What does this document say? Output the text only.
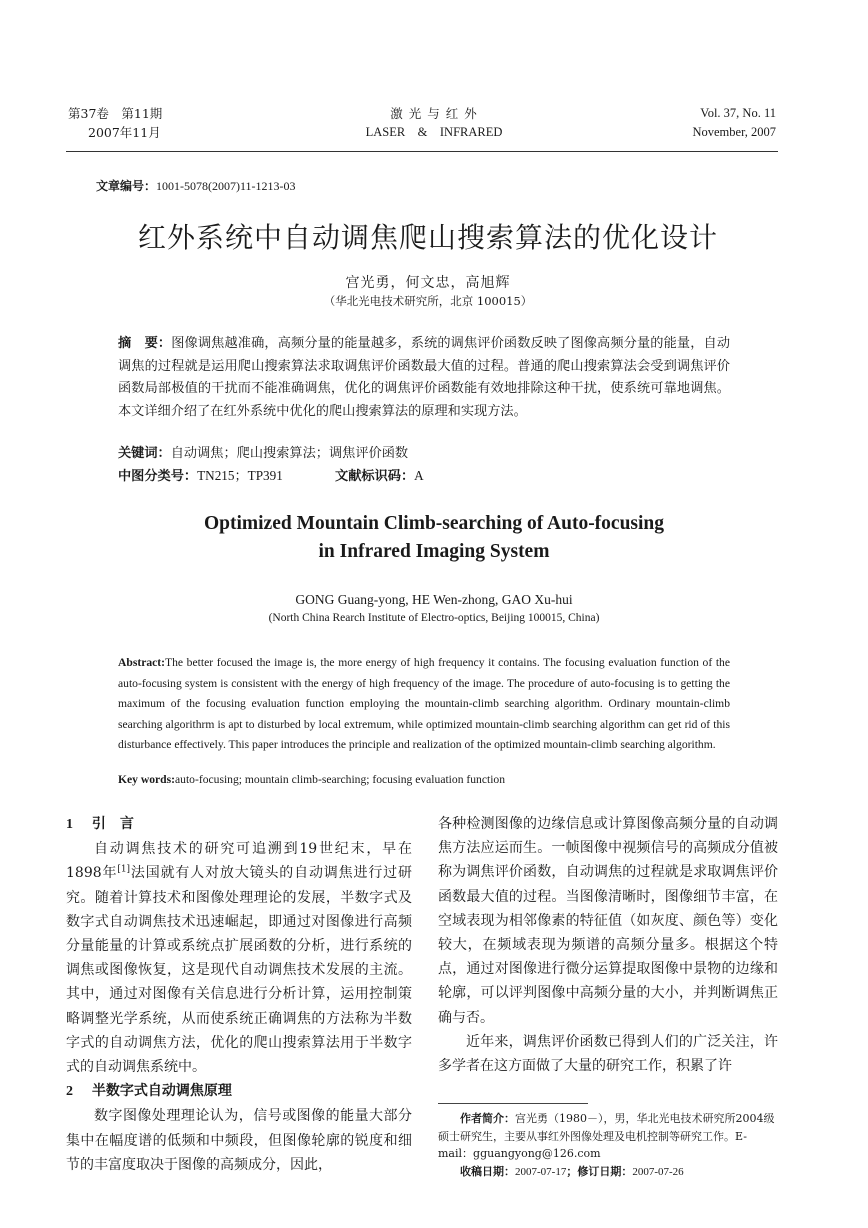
第37卷　第11期
2007年11月
激 光 与 红 外
LASER　&　INFRARED
Vol. 37, No. 11
November, 2007
文章编号：1001-5078(2007)11-1213-03
红外系统中自动调焦爬山搜索算法的优化设计
宫光勇，何文忠，高旭辉
（华北光电技术研究所，北京 100015）
摘　要：图像调焦越准确，高频分量的能量越多，系统的调焦评价函数反映了图像高频分量的能量，自动调焦的过程就是运用爬山搜索算法求取调焦评价函数最大值的过程。普通的爬山搜索算法会受到调焦评价函数局部极值的干扰而不能准确调焦，优化的调焦评价函数能有效地排除这种干扰，使系统可靠地调焦。本文详细介绍了在红外系统中优化的爬山搜索算法的原理和实现方法。
关键词：自动调焦；爬山搜索算法；调焦评价函数
中图分类号：TN215；TP391	文献标识码：A
Optimized Mountain Climb-searching of Auto-focusing
in Infrared Imaging System
GONG Guang-yong, HE Wen-zhong, GAO Xu-hui
(North China Rearch Institute of Electro-optics, Beijing 100015, China)
Abstract:The better focused the image is, the more energy of high frequency it contains. The focusing evaluation function of the auto-focusing system is consistent with the energy of high frequency of the image. The procedure of auto-focusing is to getting the maximum of the focusing evaluation function employing the mountain-climb searching algorithm. Ordinary mountain-climb searching algorithrm is apt to disturbed by local extremum, while optimized mountain-climb searching algorithm can get rid of this disturbance effectively. This paper introduces the principle and realization of the optimized mountain-climb searching algorithm.
Key words:auto-focusing; mountain climb-searching; focusing evaluation function

1 引　言

自动调焦技术的研究可追溯到19世纪末，早在1898年[1]法国就有人对放大镜头的自动调焦进行过研究。随着计算技术和图像处理理论的发展，半数字式及数字式自动调焦技术迅速崛起，即通过对图像进行高频分量能量的计算或系统点扩展函数的分析，进行系统的调焦或图像恢复，这是现代自动调焦技术发展的主流。其中，通过对图像有关信息进行分析计算，运用控制策略调整光学系统，从而使系统正确调焦的方法称为半数字式的自动调焦方法，优化的爬山搜索算法用于半数字式的自动调焦系统中。

2 半数字式自动调焦原理

数字图像处理理论认为，信号或图像的能量大部分集中在幅度谱的低频和中频段，但图像轮廓的锐度和细节的丰富度取决于图像的高频成分，因此，

各种检测图像的边缘信息或计算图像高频分量的自动调焦方法应运而生。一帧图像中视频信号的高频成分值被称为调焦评价函数，自动调焦的过程就是求取调焦评价函数最大值的过程。当图像清晰时，图像细节丰富，在空域表现为相邻像素的特征值（如灰度、颜色等）变化较大，在频域表现为频谱的高频分量多。根据这个特点，通过对图像进行微分运算提取图像中景物的边缘和轮廓，可以评判图像中高频分量的大小，并判断调焦正确与否。

近年来，调焦评价函数已得到人们的广泛关注，许多学者在这方面做了大量的研究工作，积累了许

作者简介：宫光勇（1980－），男，华北光电技术研究所2004级硕士研究生，主要从事红外图像处理及电机控制等研究工作。E-mail：gguangyong@126.com
收稿日期：2007-07-17；修订日期：2007-07-26
